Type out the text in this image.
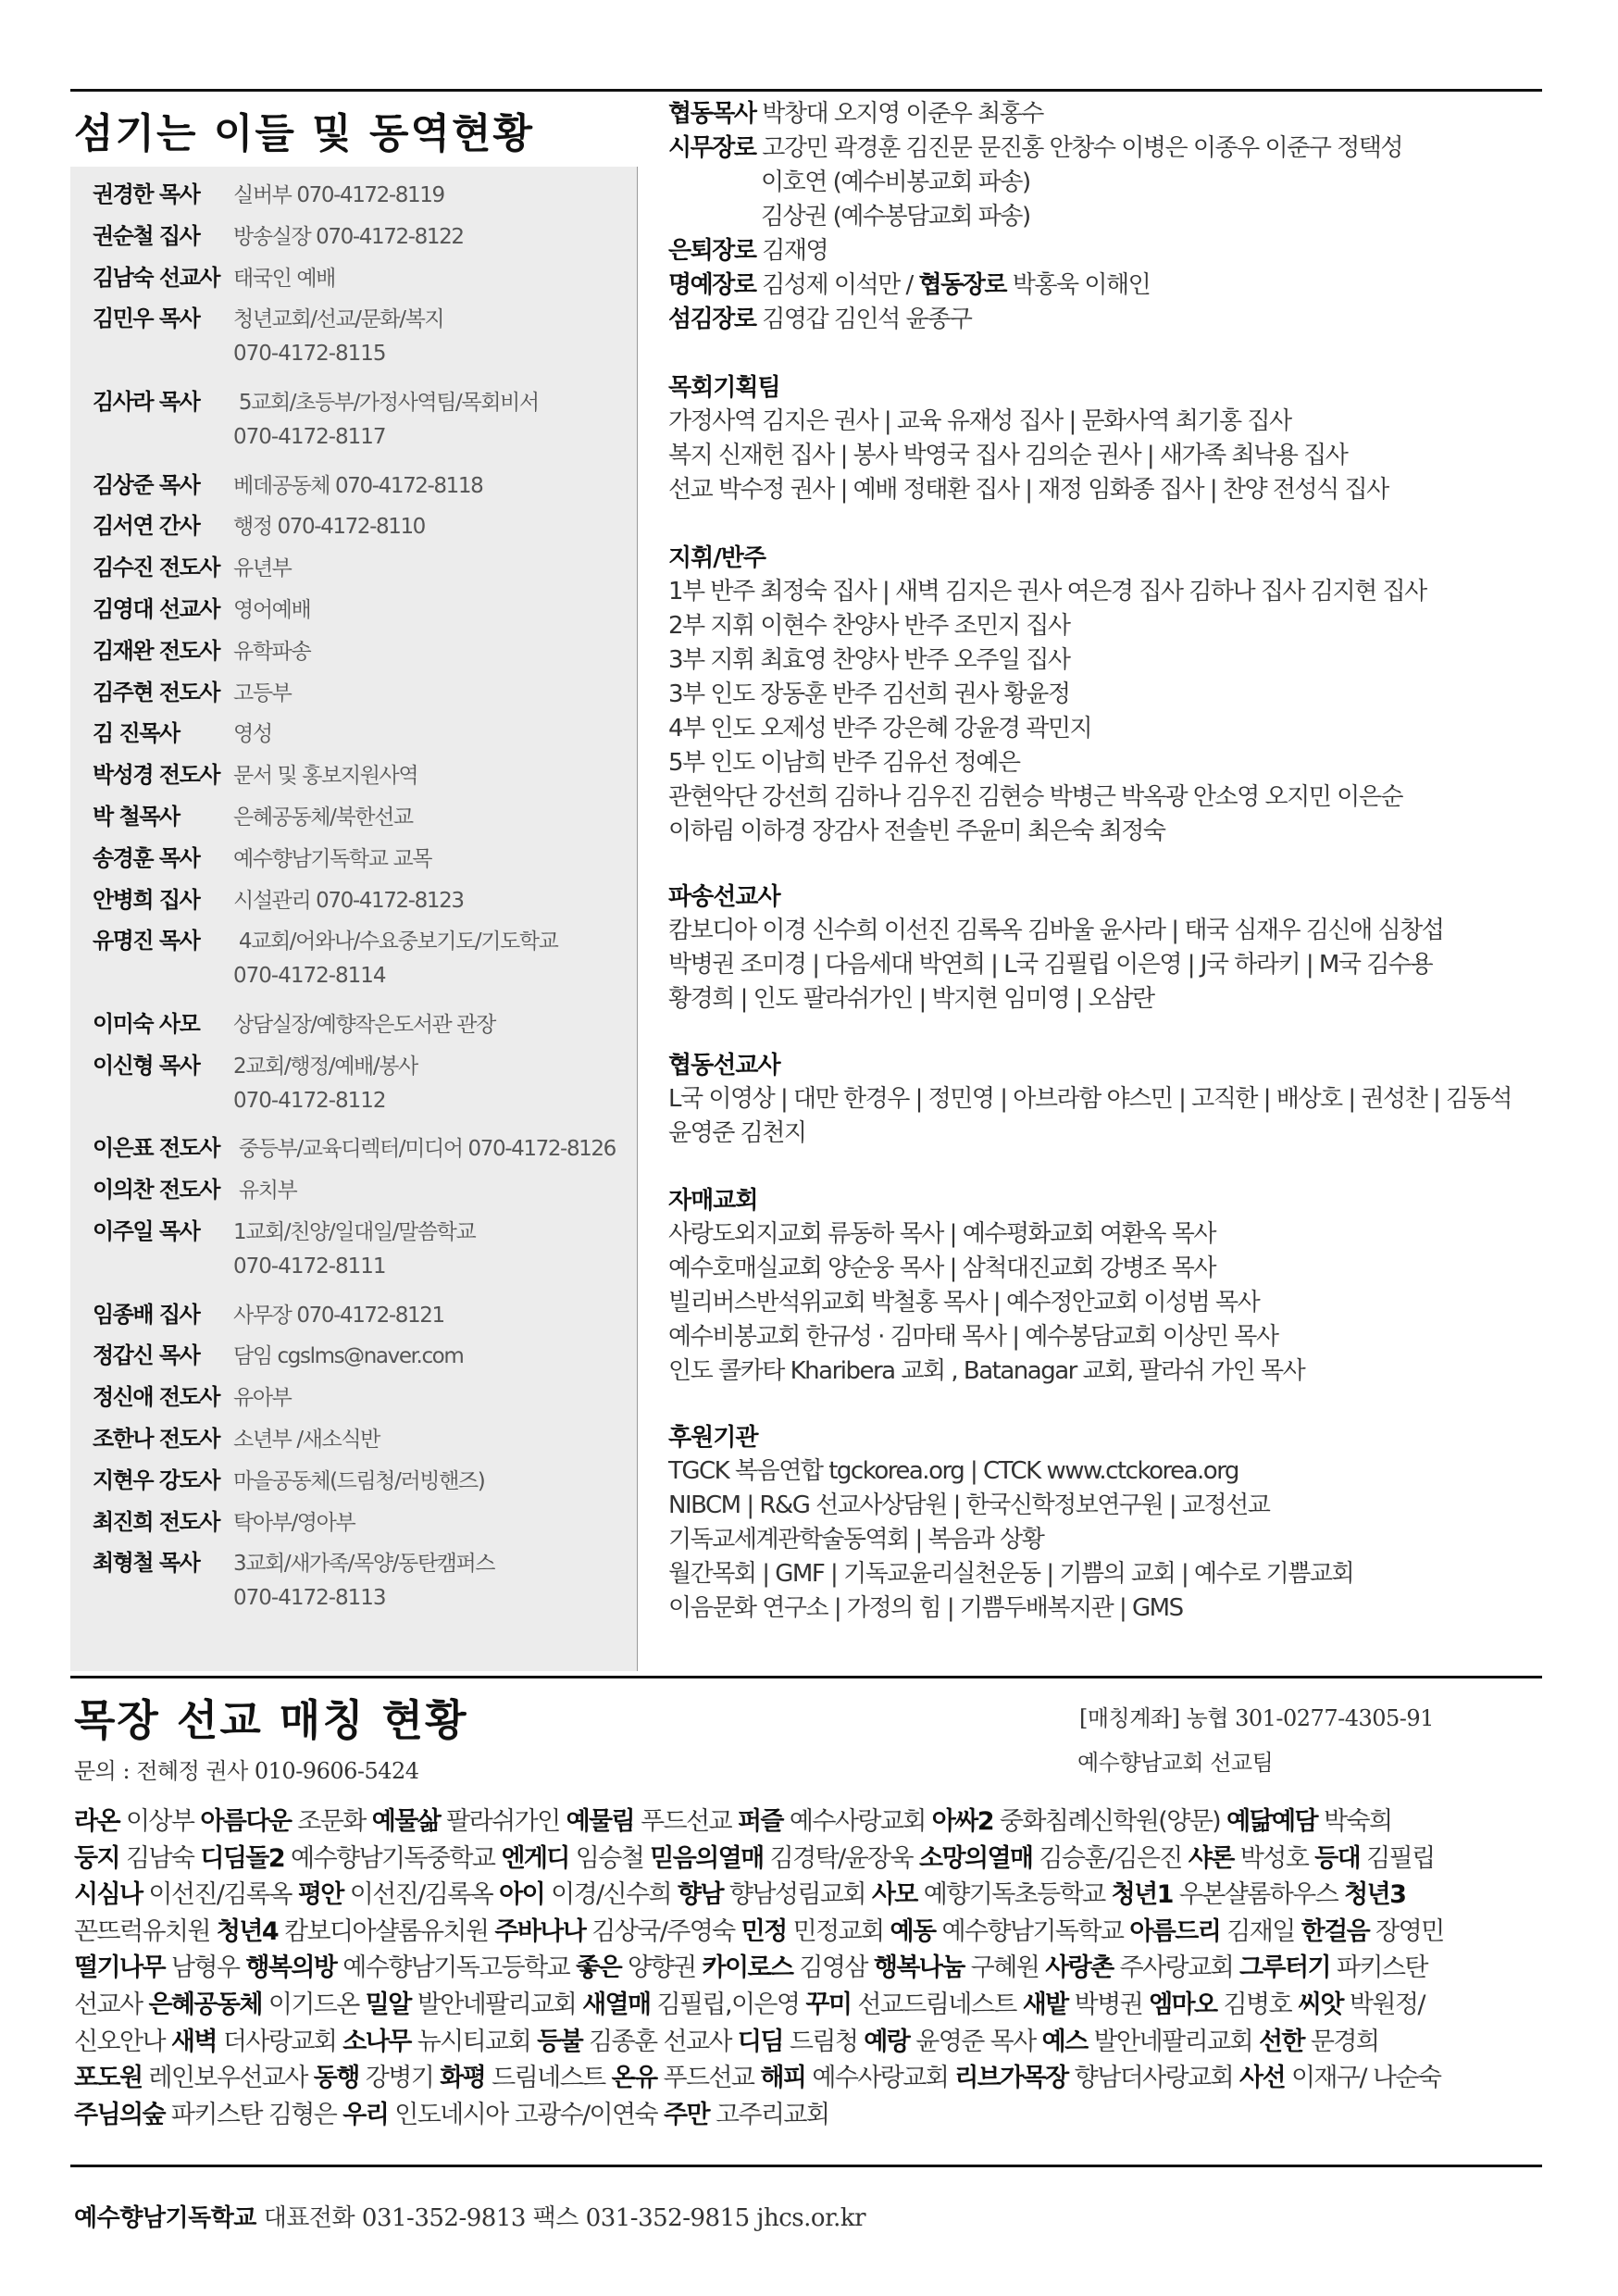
섬기는 이들 및 동역현황
권경한 목사 실버부 070-4172-8119
권순철 집사 방송실장 070-4172-8122
김남숙 선교사 태국인 예배
김민우 목사 청년교회/선교/문화/복지
070-4172-8115
김사라 목사 5교회/초등부/가정사역팀/목회비서
070-4172-8117
김상준 목사 베데공동체 070-4172-8118
김서연 간사 행정 070-4172-8110
김수진 전도사 유년부
김영대 선교사 영어예배
김재완 전도사 유학파송
김주현 전도사 고등부
김 진목사	영성
박성경 전도사 문서 및 홍보지원사역
박 철목사	은혜공동체/북한선교
송경훈 목사 예수향남기독학교 교목
안병희 집사 시설관리 070-4172-8123
유명진 목사 4교회/어와나/수요중보기도/기도학교
070-4172-8114
이미숙 사모 상담실장/예향작은도서관 관장
이신형 목사 2교회/행정/예배/봉사
070-4172-8112
이은표 전도사 중등부/교육디렉터/미디어 070-4172-8126
이의찬 전도사 유치부
이주일 목사 1교회/친양/일대일/말씀학교
070-4172-8111
임종배 집사 사무장 070-4172-8121
정갑신 목사 담임 cgslms@naver.com
정신애 전도사 유아부
조한나 전도사 소년부 /새소식반
지현우 강도사 마을공동체(드림청/러빙핸즈)
최진희 전도사 탁아부/영아부
최형철 목사 3교회/새가족/목양/동탄캠퍼스
070-4172-8113
협동목사 박창대 오지영 이준우 최홍수
시무장로 고강민 곽경훈 김진문 문진홍 안창수 이병은 이종우 이준구 정택성
이호연 (예수비봉교회 파송)
김상권 (예수봉담교회 파송)
은퇴장로 김재영
명예장로 김성제 이석만 / 협동장로 박홍욱 이해인
섬김장로 김영갑 김인석 윤종구
목회기획팀
가정사역 김지은 권사 | 교육 유재성 집사 | 문화사역 최기홍 집사
복지 신재헌 집사 | 봉사 박영국 집사 김의순 권사 | 새가족 최낙용 집사
선교 박수정 권사 | 예배 정태환 집사 | 재정 임화종 집사 | 찬양 전성식 집사
지휘/반주
1부 반주 최정숙 집사 | 새벽 김지은 권사 여은경 집사 김하나 집사 김지현 집사
2부 지휘 이현수 찬양사 반주 조민지 집사
3부 지휘 최효영 찬양사 반주 오주일 집사
3부 인도 장동훈 반주 김선희 권사 황윤정
4부 인도 오제성 반주 강은혜 강윤경 곽민지
5부 인도 이남희 반주 김유선 정예은
관현악단 강선희 김하나 김우진 김현승 박병근 박옥광 안소영 오지민 이은순
이하림 이하경 장감사 전솔빈 주윤미 최은숙 최정숙
파송선교사
캄보디아 이경 신수희 이선진 김록옥 김바울 윤사라 | 태국 심재우 김신애 심창섭
박병권 조미경 | 다음세대 박연희 | L국 김필립 이은영 | J국 하라키 | M국 김수용
황경희 | 인도 팔라쉬가인 | 박지현 임미영 | 오삼란
협동선교사
L국 이영상 | 대만 한경우 | 정민영 | 아브라함 야스민 | 고직한 | 배상호 | 권성찬 | 김동석
윤영준 김천지
자매교회
사랑도외지교회 류동하 목사 | 예수평화교회 여환옥 목사
예수호매실교회 양순웅 목사 | 삼척대진교회 강병조 목사
빌리버스반석위교회 박철홍 목사 | 예수정안교회 이성범 목사
예수비봉교회 한규성 · 김마태 목사 | 예수봉담교회 이상민 목사
인도 콜카타 Kharibera 교회 , Batanagar 교회, 팔라쉬 가인 목사
후원기관
TGCK 복음연합 tgckorea.org | CTCK www.ctckorea.org
NIBCM | R&G 선교사상담원 | 한국신학정보연구원 | 교정선교
기독교세계관학술동역회 | 복음과 상황
월간목회 | GMF | 기독교윤리실천운동 | 기쁨의 교회 | 예수로 기쁨교회
이음문화 연구소 | 가정의 힘 | 기쁨두배복지관 | GMS
목장 선교 매칭 현황
문의 : 전혜정 권사 010-9606-5424
[매칭계좌] 농협 301-0277-4305-91
예수향남교회 선교팀
라온 이상부 아름다운 조문화 예물삶 팔라쉬가인 예물림 푸드선교 퍼즐 예수사랑교회 아싸2 중화침례신학원(양문) 예닮예담 박숙희
둥지 김남숙 디딤돌2 예수향남기독중학교 엔게디 임승철 믿음의열매 김경탁/윤장욱 소망의열매 김승훈/김은진 샤론 박성호 등대 김필립
시심나 이선진/김록옥 평안 이선진/김록옥 아이 이경/신수희 향남 향남성림교회 사모 예향기독초등학교 청년1 우본샬롬하우스 청년3
꼰뜨럭유치원 청년4 캄보디아샬롬유치원 주바나나 김상국/주영숙 민정 민정교회 예동 예수향남기독학교 아름드리 김재일 한걸음 장영민
떨기나무 남형우 행복의방 예수향남기독고등학교 좋은 양향권 카이로스 김영삼 행복나눔 구혜원 사랑촌 주사랑교회 그루터기 파키스탄
선교사 은혜공동체 이기드온 밀알 발안네팔리교회 새열매 김필립,이은영 꾸미 선교드림네스트 새밭 박병권 엠마오 김병호 씨앗 박원정/
신오안나 새벽 더사랑교회 소나무 뉴시티교회 등불 김종훈 선교사 디딤 드림청 예랑 윤영준 목사 예스 발안네팔리교회 선한 문경희
포도원 레인보우선교사 동행 강병기 화평 드림네스트 온유 푸드선교 해피 예수사랑교회 리브가목장 향남더사랑교회 사선 이재구/ 나순숙
주님의숲 파키스탄 김형은 우리 인도네시아 고광수/이연숙 주만 고주리교회
예수향남기독학교 대표전화 031-352-9813 팩스 031-352-9815 jhcs.or.kr
